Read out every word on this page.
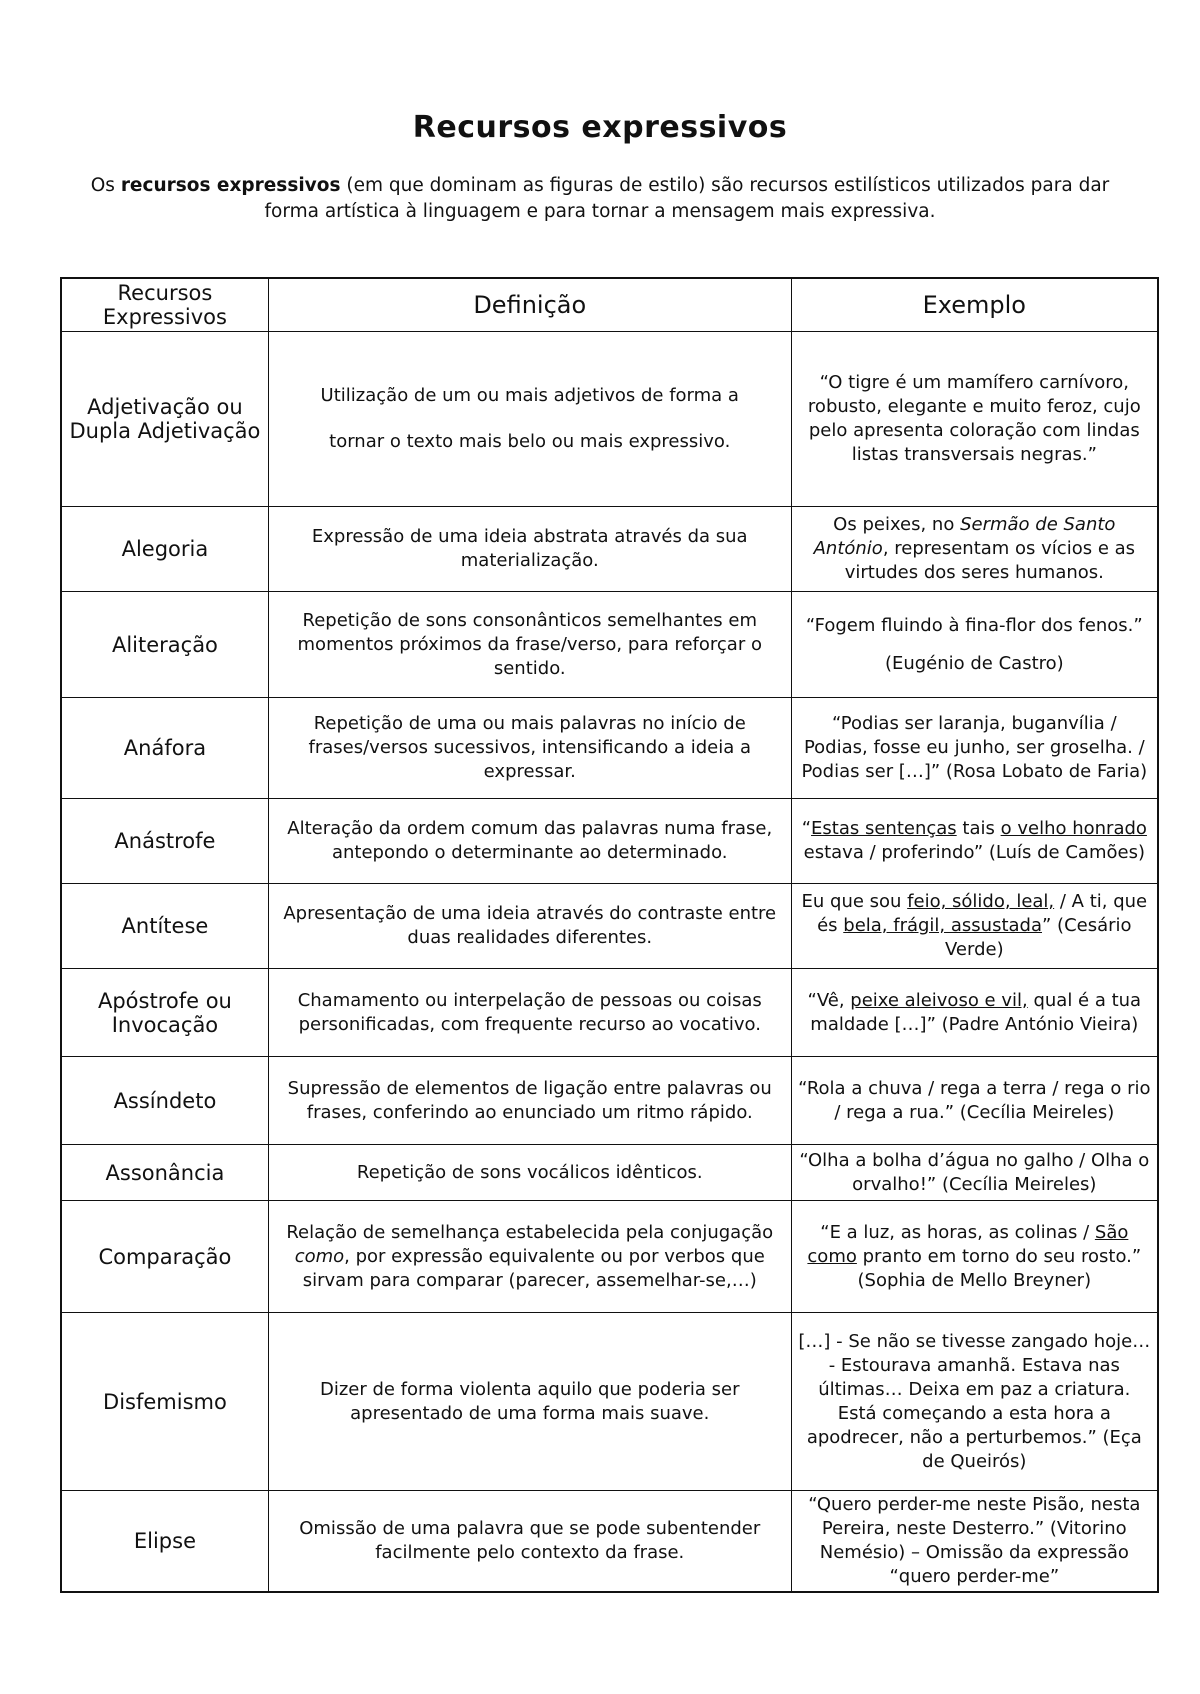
Recursos expressivos
Os recursos expressivos (em que dominam as figuras de estilo) são recursos estilísticos utilizados para dar forma artística à linguagem e para tornar a mensagem mais expressiva.
Recursos Expressivos	Definição	Exemplo
Adjetivação ou Dupla Adjetivação	Utilização de um ou mais adjetivos de forma a tornar o texto mais belo ou mais expressivo.	“O tigre é um mamífero carnívoro, robusto, elegante e muito feroz, cujo pelo apresenta coloração com lindas listas transversais negras.”
Alegoria	Expressão de uma ideia abstrata através da sua materialização.	Os peixes, no Sermão de Santo António, representam os vícios e as virtudes dos seres humanos.
Aliteração	Repetição de sons consonânticos semelhantes em momentos próximos da frase/verso, para reforçar o sentido.	“Fogem fluindo à fina-flor dos fenos.” (Eugénio de Castro)
Anáfora	Repetição de uma ou mais palavras no início de frases/versos sucessivos, intensificando a ideia a expressar.	“Podias ser laranja, buganvília / Podias, fosse eu junho, ser groselha. / Podias ser […]” (Rosa Lobato de Faria)
Anástrofe	Alteração da ordem comum das palavras numa frase, antepondo o determinante ao determinado.	“Estas sentenças tais o velho honrado estava / proferindo” (Luís de Camões)
Antítese	Apresentação de uma ideia através do contraste entre duas realidades diferentes.	Eu que sou feio, sólido, leal, / A ti, que és bela, frágil, assustada” (Cesário Verde)
Apóstrofe ou Invocação	Chamamento ou interpelação de pessoas ou coisas personificadas, com frequente recurso ao vocativo.	“Vê, peixe aleivoso e vil, qual é a tua maldade […]” (Padre António Vieira)
Assíndeto	Supressão de elementos de ligação entre palavras ou frases, conferindo ao enunciado um ritmo rápido.	“Rola a chuva / rega a terra / rega o rio / rega a rua.” (Cecília Meireles)
Assonância	Repetição de sons vocálicos idênticos.	“Olha a bolha d’água no galho / Olha o orvalho!” (Cecília Meireles)
Comparação	Relação de semelhança estabelecida pela conjugação como, por expressão equivalente ou por verbos que sirvam para comparar (parecer, assemelhar-se,…)	“E a luz, as horas, as colinas / São como pranto em torno do seu rosto.” (Sophia de Mello Breyner)
Disfemismo	Dizer de forma violenta aquilo que poderia ser apresentado de uma forma mais suave.	[…] - Se não se tivesse zangado hoje…
- Estourava amanhã. Estava nas últimas… Deixa em paz a criatura. Está começando a esta hora a apodrecer, não a perturbemos.” (Eça de Queirós)

Elipse	Omissão de uma palavra que se pode subentender facilmente pelo contexto da frase.	“Quero perder-me neste Pisão, nesta Pereira, neste Desterro.” (Vitorino Nemésio) – Omissão da expressão “quero perder-me”
